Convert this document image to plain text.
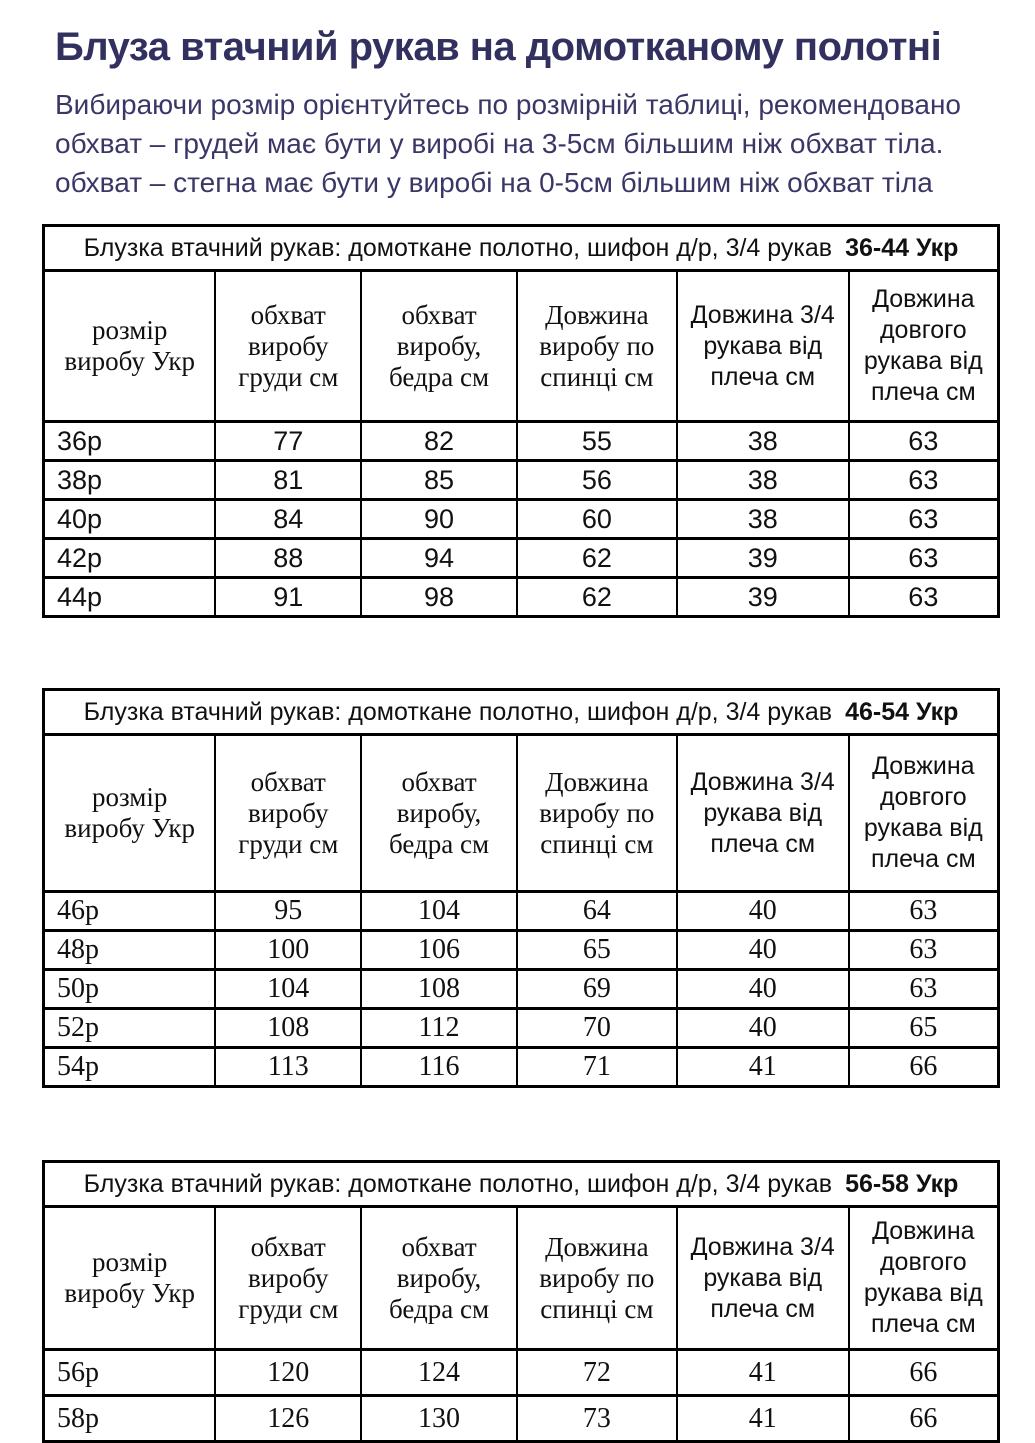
Блуза втачний рукав на домотканому полотні

Вибираючи розмір орієнтуйтесь по розмірній таблиці, рекомендовано
обхват – грудей має бути у виробі на 3-5см більшим ніж обхват тіла.
обхват – стегна має бути у виробі на 0-5см більшим ніж обхват тіла

Блузка втачний рукав: домоткане полотно, шифон д/р, 3/4 рукав 36-44 Укр					
розмір виробу Укр	обхват виробу груди см	обхват виробу, бедра см	Довжина виробу по спинці см	Довжина 3/4 рукава від плеча см	Довжина довгого рукава від плеча см
36р	77	82	55	38	63
38р	81	85	56	38	63
40р	84	90	60	38	63
42р	88	94	62	39	63
44р	91	98	62	39	63
Блузка втачний рукав: домоткане полотно, шифон д/р, 3/4 рукав 46-54 Укр					
розмір виробу Укр	обхват виробу груди см	обхват виробу, бедра см	Довжина виробу по спинці см	Довжина 3/4 рукава від плеча см	Довжина довгого рукава від плеча см
46р	95	104	64	40	63
48р	100	106	65	40	63
50р	104	108	69	40	63
52р	108	112	70	40	65
54р	113	116	71	41	66
Блузка втачний рукав: домоткане полотно, шифон д/р, 3/4 рукав 56-58 Укр					
розмір виробу Укр	обхват виробу груди см	обхват виробу, бедра см	Довжина виробу по спинці см	Довжина 3/4 рукава від плеча см	Довжина довгого рукава від плеча см
56р	120	124	72	41	66
58р	126	130	73	41	66
